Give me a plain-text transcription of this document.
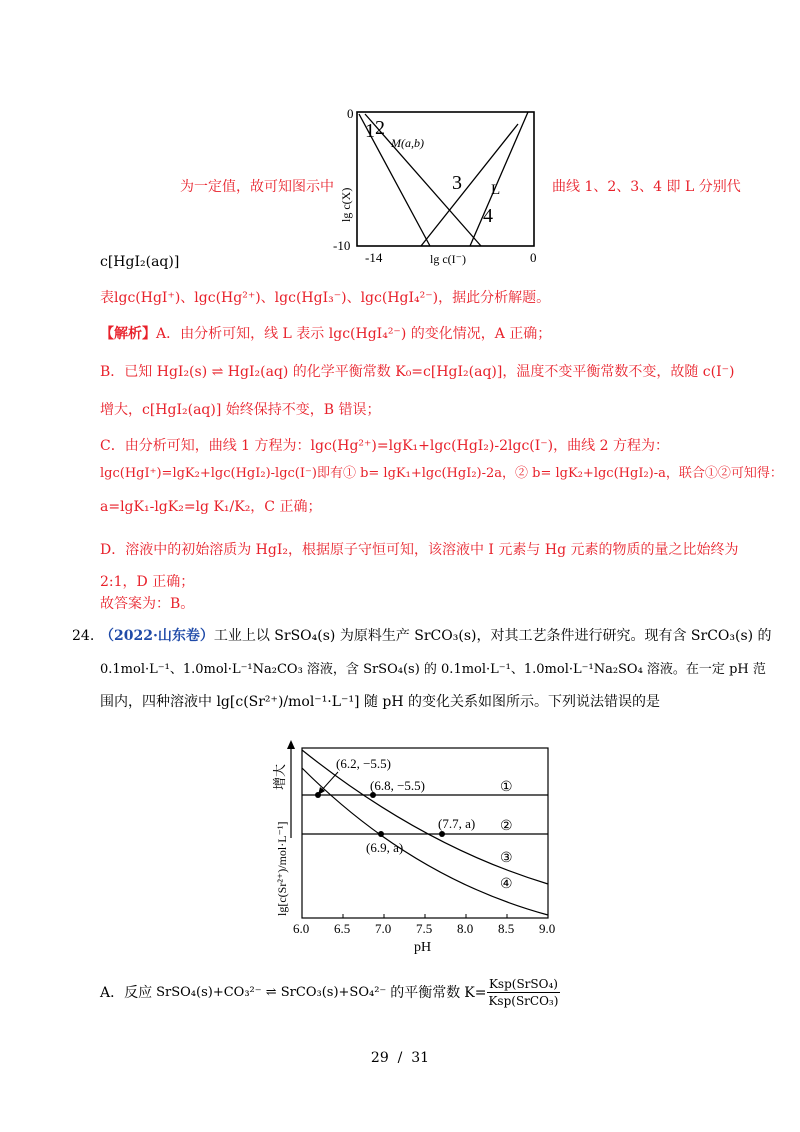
0
-10
-14	0
lg c(I⁻)
lg c(X)
1 2
M(a,b)
3 L
4
为一定值，故可知图示中	曲线 1、2、3、4 即 L 分别代
c[HgI₂(aq)]
表lgc(HgI⁺)、lgc(Hg²⁺)、lgc(HgI₃⁻)、lgc(HgI₄²⁻)，据此分析解题。
【解析】A．由分析可知，线 L 表示 lgc(HgI₄²⁻) 的变化情况，A 正确；
B．已知 HgI₂(s) ⇌ HgI₂(aq) 的化学平衡常数 K₀=c[HgI₂(aq)]，温度不变平衡常数不变，故随 c(I⁻)
增大，c[HgI₂(aq)] 始终保持不变，B 错误；
C．由分析可知，曲线 1 方程为：lgc(Hg²⁺)=lgK₁+lgc(HgI₂)-2lgc(I⁻)，曲线 2 方程为：
lgc(HgI⁺)=lgK₂+lgc(HgI₂)-lgc(I⁻)即有① b= lgK₁+lgc(HgI₂)-2a，② b= lgK₂+lgc(HgI₂)-a，联合①②可知得：
a=lgK₁-lgK₂=lg K₁/K₂，C 正确；
D．溶液中的初始溶质为 HgI₂，根据原子守恒可知，该溶液中 I 元素与 Hg 元素的物质的量之比始终为
2:1，D 正确；
故答案为：B。
24. （2022·山东卷）工业上以 SrSO₄(s) 为原料生产 SrCO₃(s)，对其工艺条件进行研究。现有含 SrCO₃(s) 的
0.1mol·L⁻¹、1.0mol·L⁻¹Na₂CO₃ 溶液，含 SrSO₄(s) 的 0.1mol·L⁻¹、1.0mol·L⁻¹Na₂SO₄ 溶液。在一定 pH 范
围内，四种溶液中 lg[c(Sr²⁺)/mol⁻¹·L⁻¹] 随 pH 的变化关系如图所示。下列说法错误的是
增大
lg[c(Sr²⁺)/mol·L⁻¹]
pH
6.0 6.5 7.0 7.5 8.0 8.5 9.0
(6.2, −5.5)
(6.8, −5.5)
(7.7, a)
(6.9, a)
①
②
③
④
A．反应 SrSO₄(s)+CO₃²⁻ ⇌ SrCO₃(s)+SO₄²⁻ 的平衡常数 K=
Ksp(SrSO₄)
Ksp(SrCO₃)
29  /  31
